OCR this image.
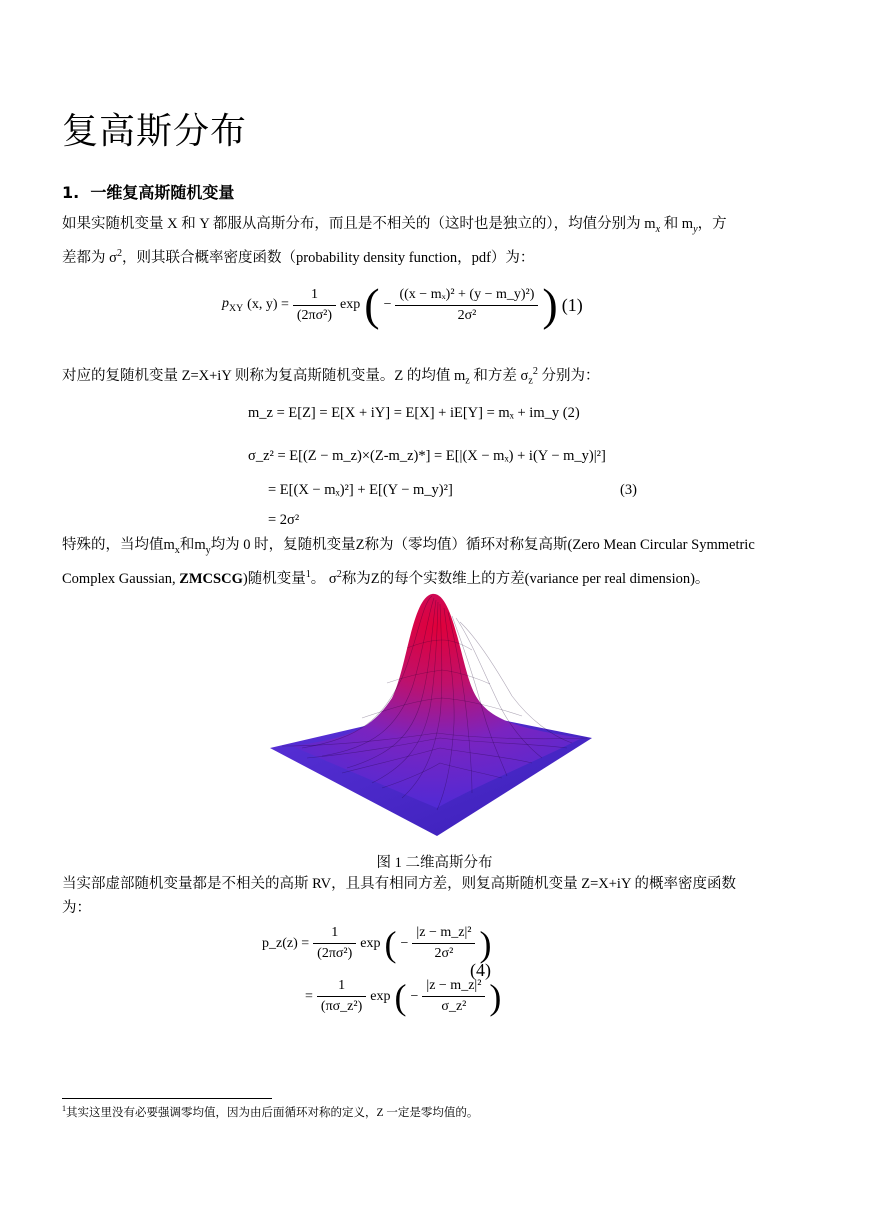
复高斯分布
1. 一维复高斯随机变量
如果实随机变量 X 和 Y 都服从高斯分布，而且是不相关的（这时也是独立的），均值分别为 $m_x$ 和 $m_y$，方
差都为 $\sigma^2$，则其联合概率密度函数（probability density function，pdf）为：
$p_{XY}$ (x, $y) = \frac{1}{\text{(2πσ²)}}$ exp ( − $\frac{\text{((x − mₓ)² + (y − m\_y)²)}}{\text{2σ²}}$ ) (1)
对应的复随机变量 Z=X+iY 则称为复高斯随机变量。Z 的均值 $m_z$ 和方差 $\sigma_z^2$ 分别为：
m_z = E[Z] = E[X + iY] = E[X] + iE[Y] = mₓ + im_y (2)
σ_z² = E[(Z − m_z)×(Z-m_z)*] = E[|(X − mₓ) + i(Y − m_y)|²]
= E[(X − mₓ)²] + E[(Y − m_y)²]	(3)
= 2σ²
特殊的，当均值$m_x$和$m_y$均为 0 时，复随机变量Z称为（零均值）循环对称复高斯(Zero Mean Circular Symmetric
Complex Gaussian, ZMCSCG)随机变量$^1$。 $\sigma^2$称为Z的每个实数维上的方差(variance per real dimension)。
图 1 二维高斯分布
当实部虚部随机变量都是不相关的高斯 RV，且具有相同方差，则复高斯随机变量 Z=X+iY 的概率密度函数
为：
p_z(z) = $\frac{1}{\text{(2πσ²)}}$ exp ( − $\frac{\text{|z − m\_z|²}}{\text{2σ²}}$ )
(4)
= $\frac{1}{\text{(πσ\_z²)}}$ exp ( − $\frac{\text{|z − m\_z|²}}{\text{σ\_z²}}$ )
$^1$其实这里没有必要强调零均值，因为由后面循环对称的定义，Z 一定是零均值的。
